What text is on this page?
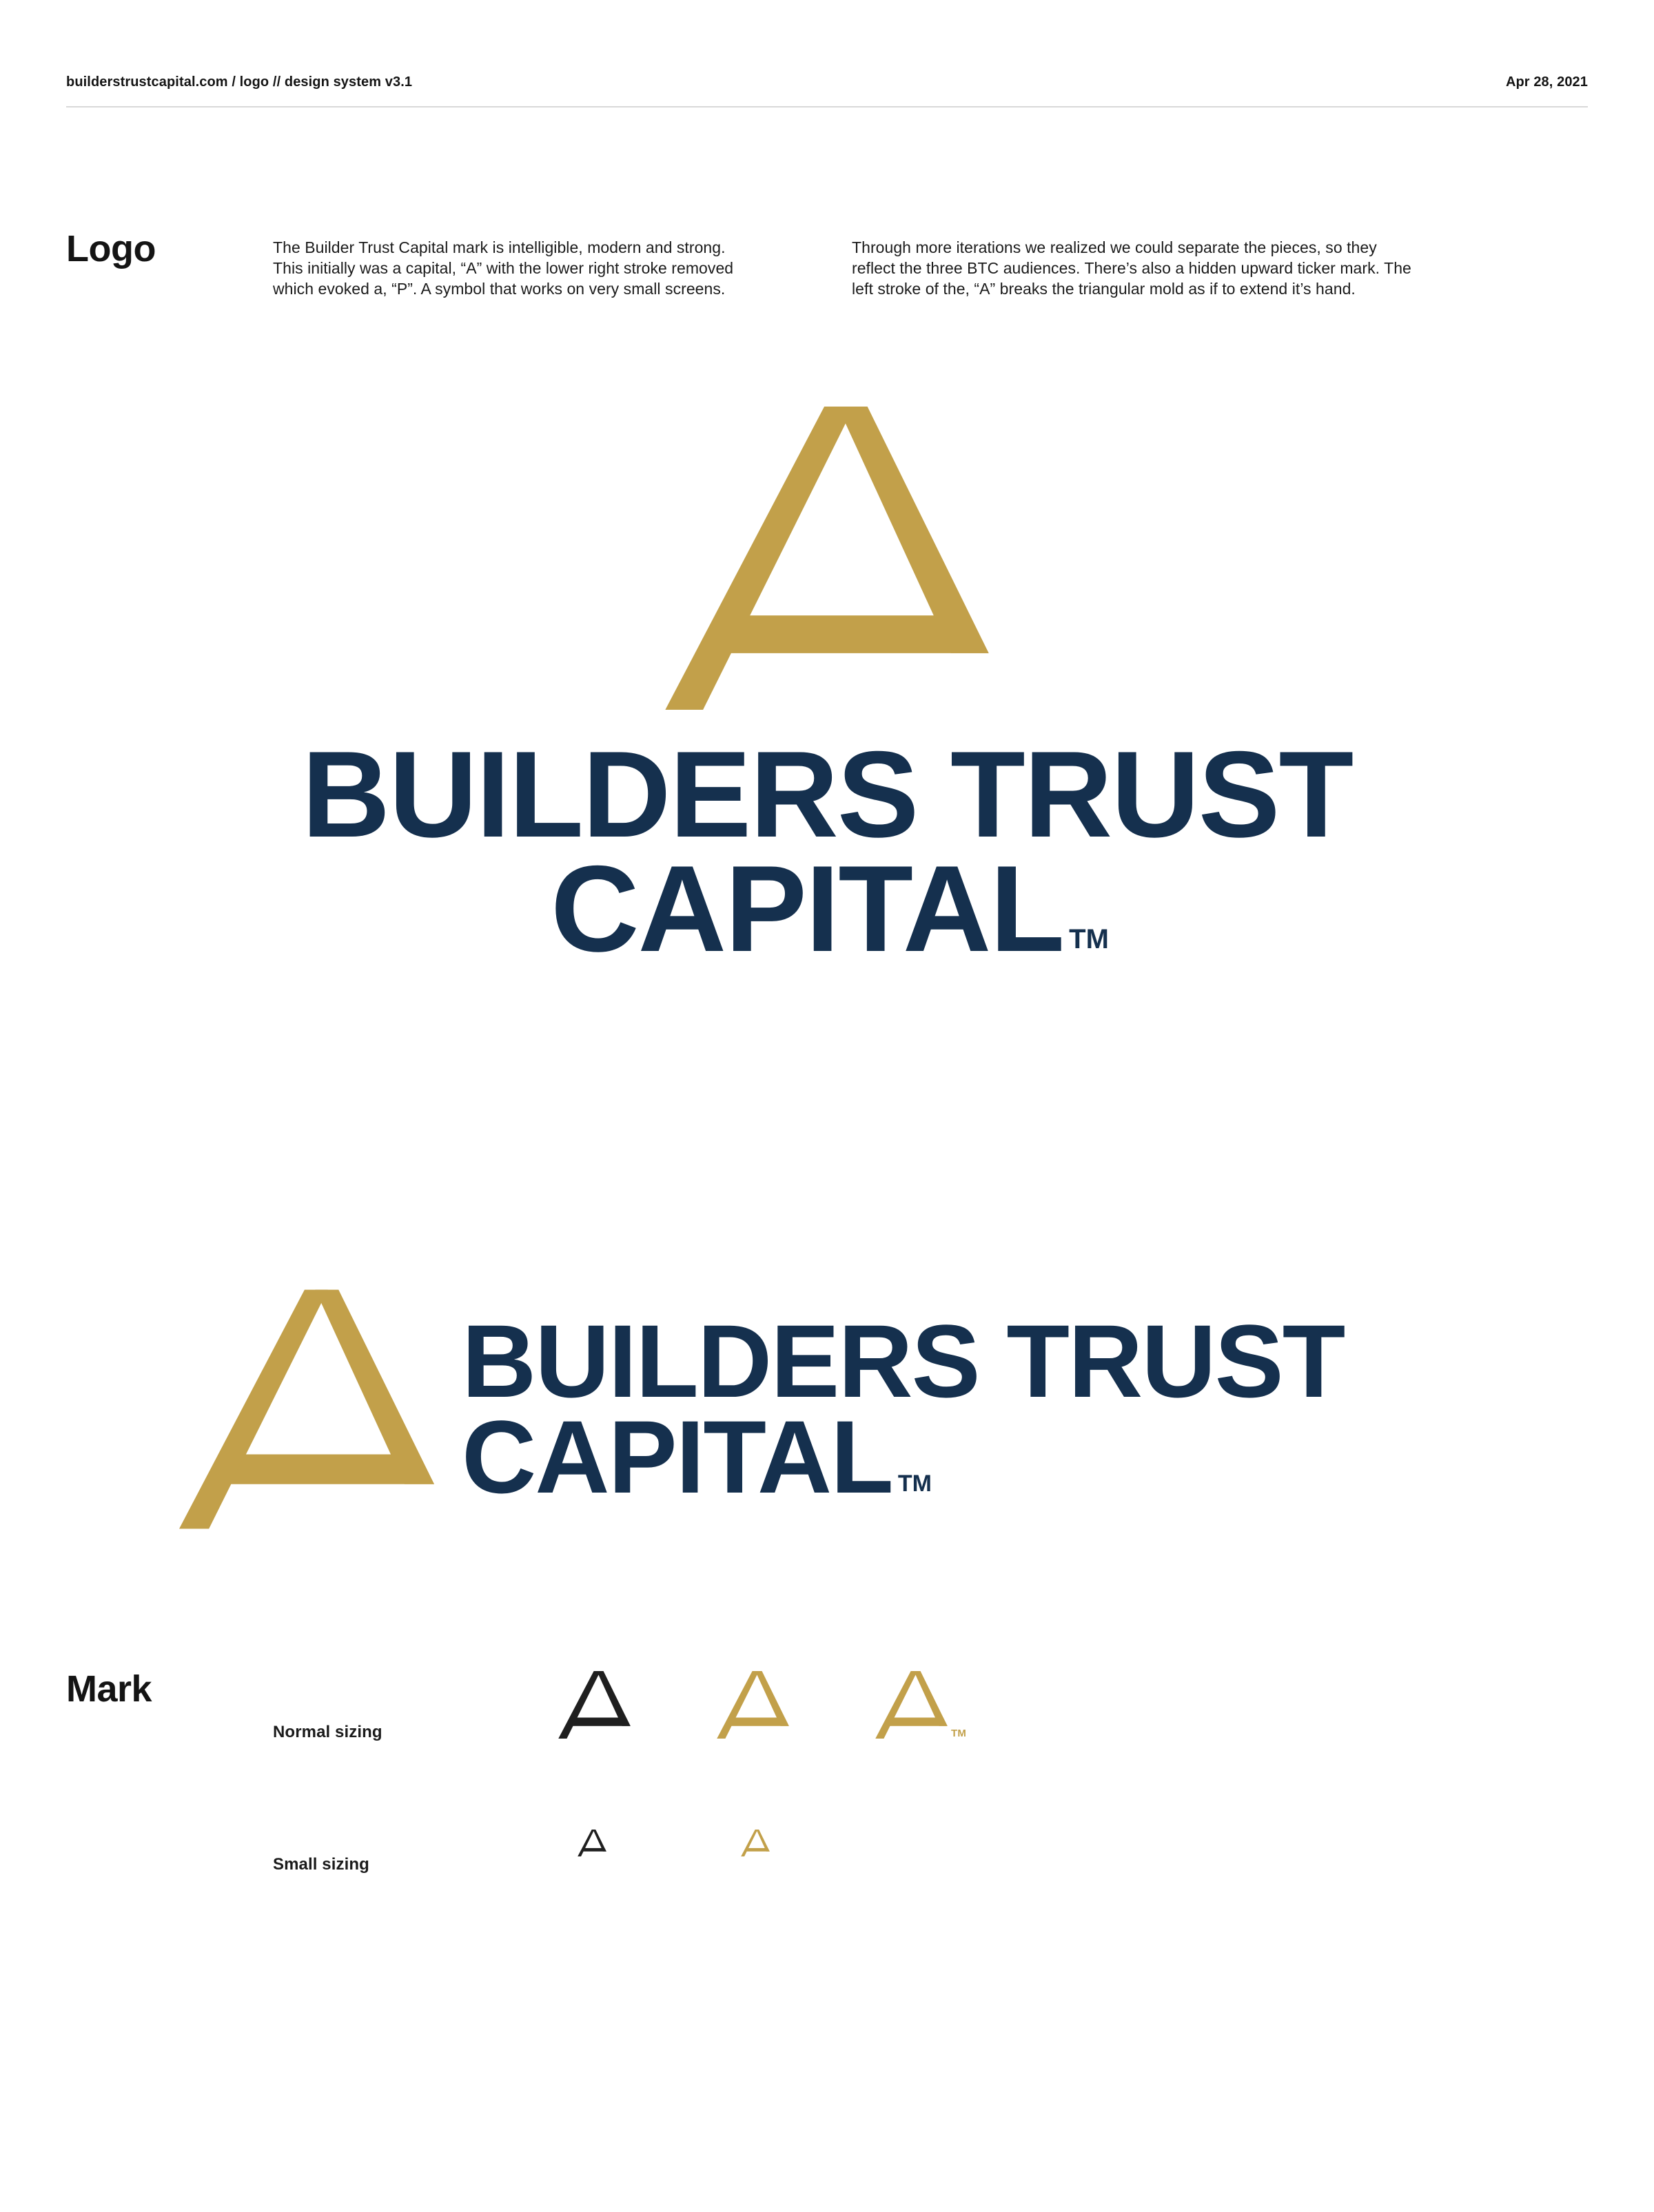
builderstrustcapital.com / logo // design system v3.1	Apr 28, 2021
Logo	The Builder Trust Capital mark is intelligible, modern and strong. This initially was a capital, “A” with the lower right stroke removed which evoked a, “P”. A symbol that works on very small screens.
Through more iterations we realized we could separate the pieces, so they reflect the three BTC audiences. There’s also a hidden upward ticker mark. The left stroke of the, “A” breaks the triangular mold as if to extend it’s hand.
BUILDERS TRUST
CAPITAL TM
BUILDERS TRUST
CAPITAL TM
Mark
Normal sizing
Small sizing
TM
